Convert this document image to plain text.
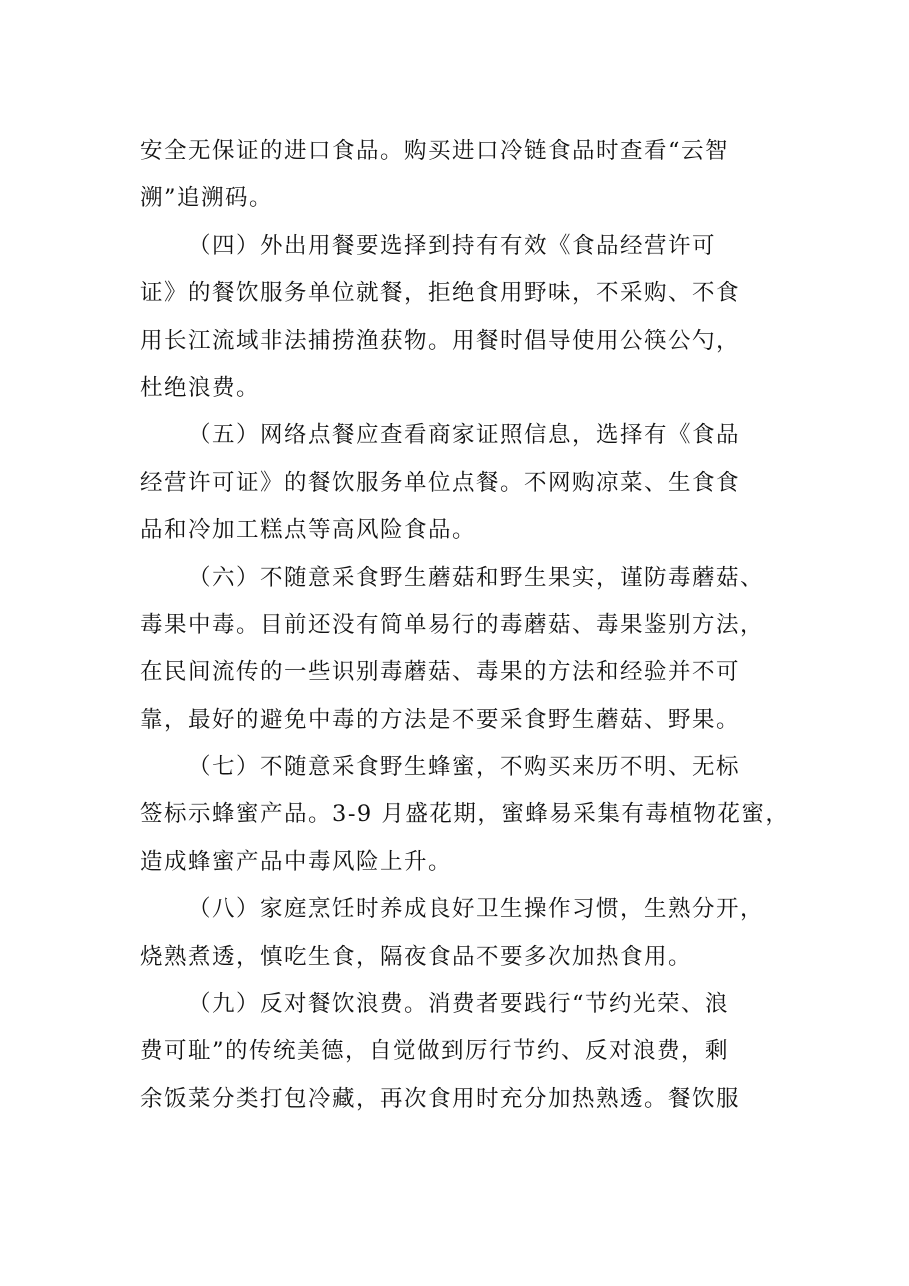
安全无保证的进口食品。购买进口冷链食品时查看“云智
溯”追溯码。
（四）外出用餐要选择到持有有效《食品经营许可
证》的餐饮服务单位就餐，拒绝食用野味，不采购、不食
用长江流域非法捕捞渔获物。用餐时倡导使用公筷公勺，
杜绝浪费。
（五）网络点餐应查看商家证照信息，选择有《食品
经营许可证》的餐饮服务单位点餐。不网购凉菜、生食食
品和冷加工糕点等高风险食品。
（六）不随意采食野生蘑菇和野生果实，谨防毒蘑菇、
毒果中毒。目前还没有简单易行的毒蘑菇、毒果鉴别方法，
在民间流传的一些识别毒蘑菇、毒果的方法和经验并不可
靠，最好的避免中毒的方法是不要采食野生蘑菇、野果。
（七）不随意采食野生蜂蜜，不购买来历不明、无标
签标示蜂蜜产品。3-9 月盛花期，蜜蜂易采集有毒植物花蜜，
造成蜂蜜产品中毒风险上升。
（八）家庭烹饪时养成良好卫生操作习惯，生熟分开，
烧熟煮透，慎吃生食，隔夜食品不要多次加热食用。
（九）反对餐饮浪费。消费者要践行“节约光荣、浪
费可耻”的传统美德，自觉做到厉行节约、反对浪费，剩
余饭菜分类打包冷藏，再次食用时充分加热熟透。餐饮服
